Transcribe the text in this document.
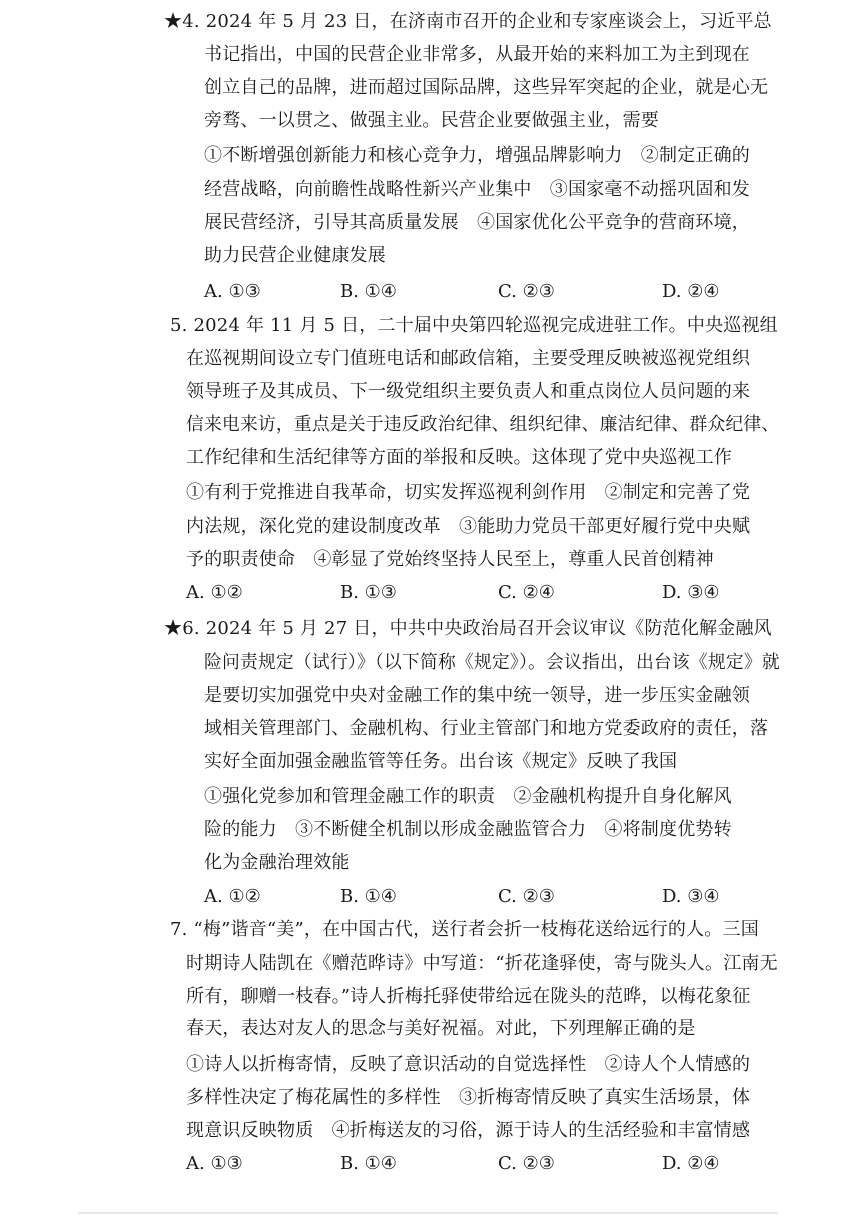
★4. 2024 年 5 月 23 日，在济南市召开的企业和专家座谈会上，习近平总
书记指出，中国的民营企业非常多，从最开始的来料加工为主到现在
创立自己的品牌，进而超过国际品牌，这些异军突起的企业，就是心无
旁骛、一以贯之、做强主业。民营企业要做强主业，需要
①不断增强创新能力和核心竞争力，增强品牌影响力　②制定正确的
经营战略，向前瞻性战略性新兴产业集中　③国家毫不动摇巩固和发
展民营经济，引导其高质量发展　④国家优化公平竞争的营商环境，
助力民营企业健康发展
A. ①③	B. ①④	C. ②③	D. ②④
5. 2024 年 11 月 5 日，二十届中央第四轮巡视完成进驻工作。中央巡视组
在巡视期间设立专门值班电话和邮政信箱，主要受理反映被巡视党组织
领导班子及其成员、下一级党组织主要负责人和重点岗位人员问题的来
信来电来访，重点是关于违反政治纪律、组织纪律、廉洁纪律、群众纪律、
工作纪律和生活纪律等方面的举报和反映。这体现了党中央巡视工作
①有利于党推进自我革命，切实发挥巡视利剑作用　②制定和完善了党
内法规，深化党的建设制度改革　③能助力党员干部更好履行党中央赋
予的职责使命　④彰显了党始终坚持人民至上，尊重人民首创精神
A. ①②	B. ①③	C. ②④	D. ③④
★6. 2024 年 5 月 27 日，中共中央政治局召开会议审议《防范化解金融风
险问责规定（试行）》（以下简称《规定》）。会议指出，出台该《规定》就
是要切实加强党中央对金融工作的集中统一领导，进一步压实金融领
域相关管理部门、金融机构、行业主管部门和地方党委政府的责任，落
实好全面加强金融监管等任务。出台该《规定》反映了我国
①强化党参加和管理金融工作的职责　②金融机构提升自身化解风
险的能力　③不断健全机制以形成金融监管合力　④将制度优势转
化为金融治理效能
A. ①②	B. ①④	C. ②③	D. ③④
7. “梅”谐音“美”，在中国古代，送行者会折一枝梅花送给远行的人。三国
时期诗人陆凯在《赠范晔诗》中写道：“折花逢驿使，寄与陇头人。江南无
所有，聊赠一枝春。”诗人折梅托驿使带给远在陇头的范晔，以梅花象征
春天，表达对友人的思念与美好祝福。对此，下列理解正确的是
①诗人以折梅寄情，反映了意识活动的自觉选择性　②诗人个人情感的
多样性决定了梅花属性的多样性　③折梅寄情反映了真实生活场景，体
现意识反映物质　④折梅送友的习俗，源于诗人的生活经验和丰富情感
A. ①③	B. ①④	C. ②③	D. ②④
